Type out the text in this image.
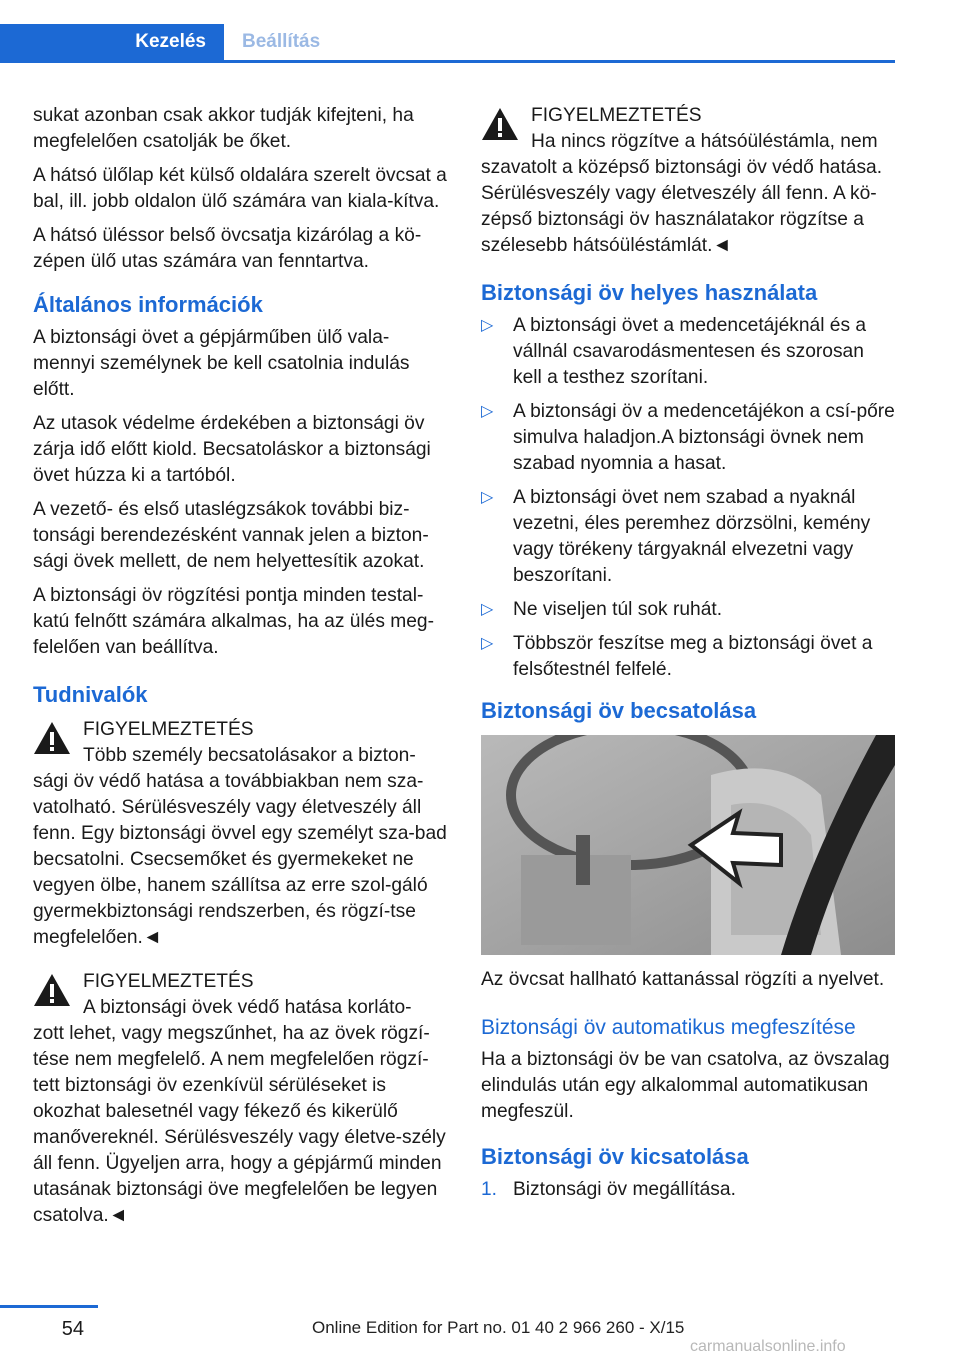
Kezelés	Beállítás

sukat azonban csak akkor tudják kifejteni, ha megfelelően csatolják be őket.

A hátsó ülőlap két külső oldalára szerelt övcsat a bal, ill. jobb oldalon ülő számára van kiala‐kítva.

A hátsó üléssor belső övcsatja kizárólag a kö‐zépen ülő utas számára van fenntartva.

Általános információk

A biztonsági övet a gépjárműben ülő vala‐mennyi személynek be kell csatolnia indulás előtt.

Az utasok védelme érdekében a biztonsági öv zárja idő előtt kiold. Becsatoláskor a biztonsági övet húzza ki a tartóból.

A vezető- és első utaslégzsákok további biz‐tonsági berendezésként vannak jelen a bizton‐sági övek mellett, de nem helyettesítik azokat.

A biztonsági öv rögzítési pontja minden testal‐katú felnőtt számára alkalmas, ha az ülés meg‐felelően van beállítva.

Tudnivalók
FIGYELMEZTETÉS
Több személy becsatolásakor a bizton‐
sági öv védő hatása a továbbiakban nem sza‐vatolható. Sérülésveszély vagy életveszély áll fenn. Egy biztonsági övvel egy személyt sza‐bad becsatolni. Csecsemőket és gyermekeket ne vegyen ölbe, hanem szállítsa az erre szol‐gáló gyermekbiztonsági rendszerben, és rögzí‐tse megfelelően.◄
FIGYELMEZTETÉS
A biztonsági övek védő hatása korláto‐
zott lehet, vagy megszűnhet, ha az övek rögzí‐tése nem megfelelő. A nem megfelelően rögzí‐tett biztonsági öv ezenkívül sérüléseket is okozhat balesetnél vagy fékező és kikerülő manővereknél. Sérülésveszély vagy életve‐szély áll fenn. Ügyeljen arra, hogy a gépjármű minden utasának biztonsági öve megfelelően be legyen csatolva.◄
FIGYELMEZTETÉS
Ha nincs rögzítve a hátsóüléstámla, nem
szavatolt a középső biztonsági öv védő hatása. Sérülésveszély vagy életveszély áll fenn. A kö‐zépső biztonsági öv használatakor rögzítse a szélesebb hátsóüléstámlát.◄
Biztonsági öv helyes használata
▷ A biztonsági övet a medencetájéknál és a vállnál csavarodásmentesen és szorosan kell a testhez szorítani.
▷ A biztonsági öv a medencetájékon a csí‐pőre simulva haladjon.A biztonsági övnek nem szabad nyomnia a hasat.
▷ A biztonsági övet nem szabad a nyaknál vezetni, éles peremhez dörzsölni, kemény vagy törékeny tárgyaknál elvezetni vagy beszorítani.
▷ Ne viseljen túl sok ruhát.
▷ Többször feszítse meg a biztonsági övet a felsőtestnél felfelé.
Biztonsági öv becsatolása

Az övcsat hallható kattanással rögzíti a nyelvet.

Biztonsági öv automatikus megfeszítése

Ha a biztonsági öv be van csatolva, az övszalag elindulás után egy alkalommal automatikusan megfeszül.

Biztonsági öv kicsatolása
1. Biztonsági öv megállítása.
54	Online Edition for Part no. 01 40 2 966 260 - X/15
carmanualsonline.info
